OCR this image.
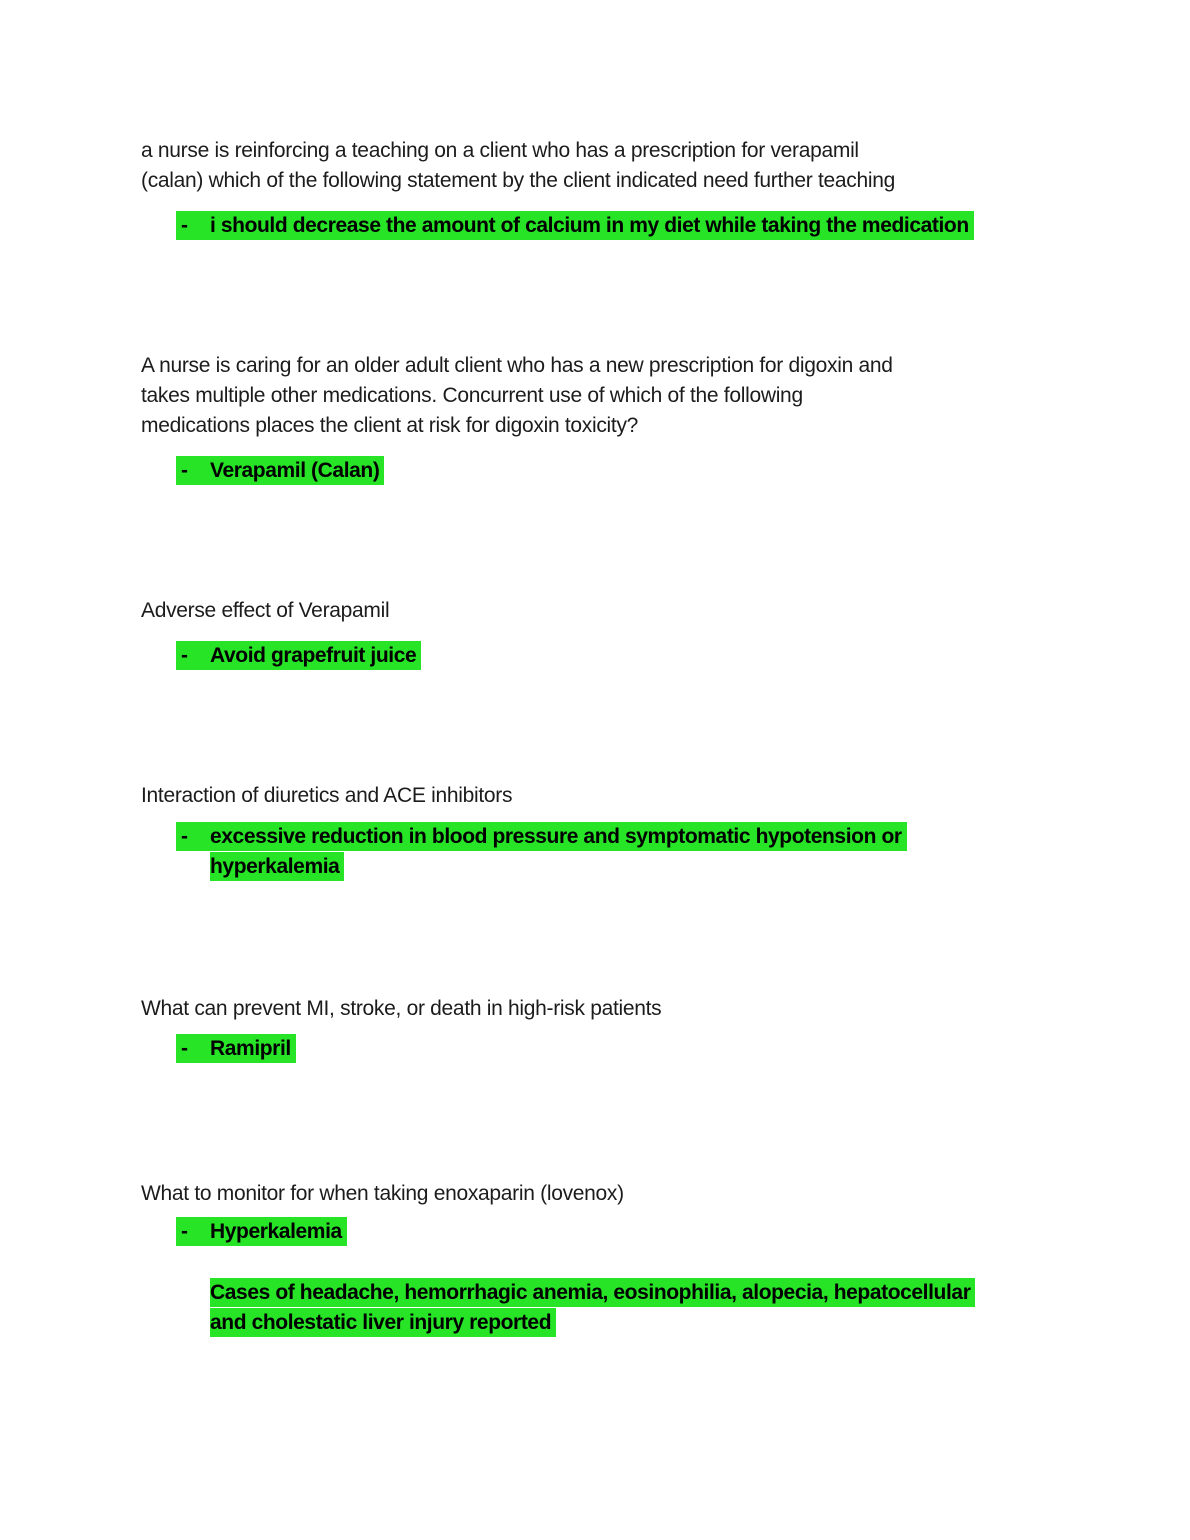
a nurse is reinforcing a teaching on a client who has a prescription for verapamil
(calan) which of the following statement by the client indicated need further teaching
- i should decrease the amount of calcium in my diet while taking the medication
A nurse is caring for an older adult client who has a new prescription for digoxin and
takes multiple other medications. Concurrent use of which of the following
medications places the client at risk for digoxin toxicity?
- Verapamil (Calan)
Adverse effect of Verapamil
- Avoid grapefruit juice
Interaction of diuretics and ACE inhibitors
- excessive reduction in blood pressure and symptomatic hypotension or
hyperkalemia
What can prevent MI, stroke, or death in high-risk patients
- Ramipril
What to monitor for when taking enoxaparin (lovenox)
- Hyperkalemia
Cases of headache, hemorrhagic anemia, eosinophilia, alopecia, hepatocellular
and cholestatic liver injury reported
